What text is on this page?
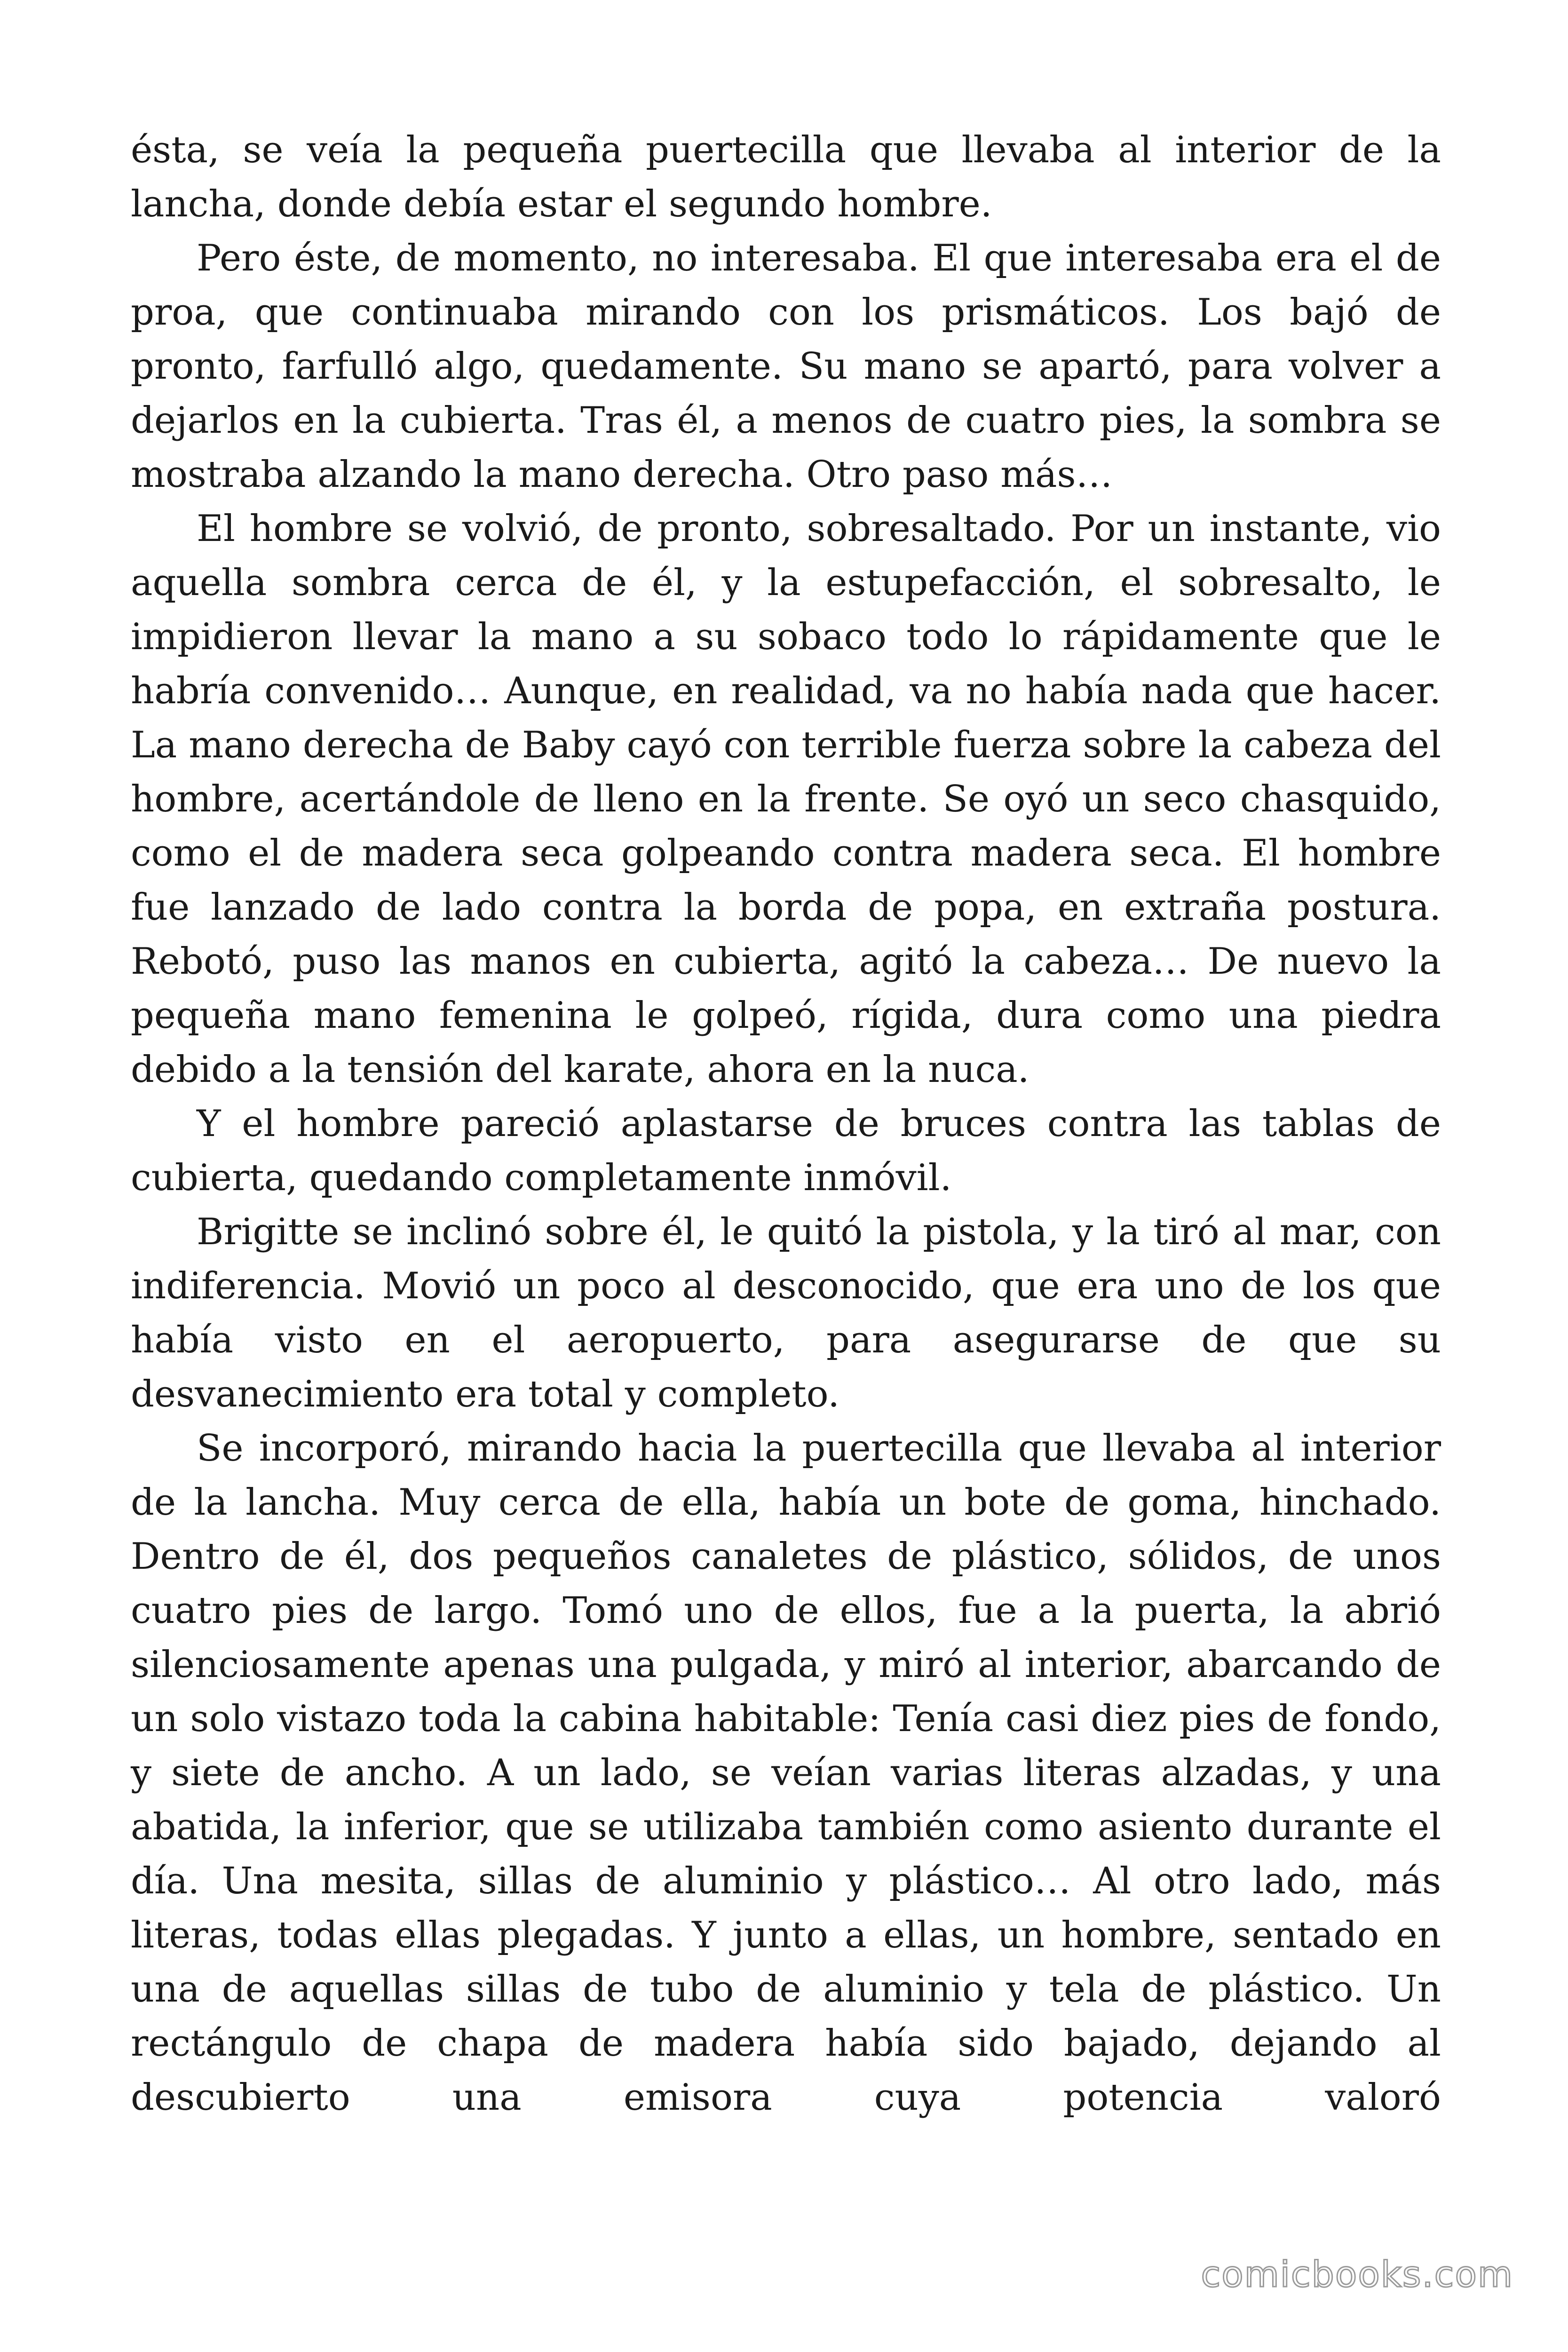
ésta, se veía la pequeña puertecilla que llevaba al interior de la lancha, donde debía estar el segundo hombre.

Pero éste, de momento, no interesaba. El que interesaba era el de proa, que continuaba mirando con los prismáticos. Los bajó de pronto, farfulló algo, quedamente. Su mano se apartó, para volver a dejarlos en la cubierta. Tras él, a menos de cuatro pies, la sombra se mostraba alzando la mano derecha. Otro paso más…

El hombre se volvió, de pronto, sobresaltado. Por un instante, vio aquella sombra cerca de él, y la estupefacción, el sobresalto, le impidieron llevar la mano a su sobaco todo lo rápidamente que le habría convenido… Aunque, en realidad, va no había nada que hacer. La mano derecha de Baby cayó con terrible fuerza sobre la cabeza del hombre, acertándole de lleno en la frente. Se oyó un seco chasquido, como el de madera seca golpeando contra madera seca. El hombre fue lanzado de lado contra la borda de popa, en extraña postura. Rebotó, puso las manos en cubierta, agitó la cabeza… De nuevo la pequeña mano femenina le golpeó, rígida, dura como una piedra debido a la tensión del karate, ahora en la nuca.

Y el hombre pareció aplastarse de bruces contra las tablas de cubierta, quedando completamente inmóvil.

Brigitte se inclinó sobre él, le quitó la pistola, y la tiró al mar, con indiferencia. Movió un poco al desconocido, que era uno de los que había visto en el aeropuerto, para asegurarse de que su desvanecimiento era total y completo.

Se incorporó, mirando hacia la puertecilla que llevaba al interior de la lancha. Muy cerca de ella, había un bote de goma, hinchado. Dentro de él, dos pequeños canaletes de plástico, sólidos, de unos cuatro pies de largo. Tomó uno de ellos, fue a la puerta, la abrió silenciosamente apenas una pulgada, y miró al interior, abarcando de un solo vistazo toda la cabina habitable: Tenía casi diez pies de fondo, y siete de ancho. A un lado, se veían varias literas alzadas, y una abatida, la inferior, que se utilizaba también como asiento durante el día. Una mesita, sillas de aluminio y plástico… Al otro lado, más literas, todas ellas plegadas. Y junto a ellas, un hombre, sentado en una de aquellas sillas de tubo de aluminio y tela de plástico. Un rectángulo de chapa de madera había sido bajado, dejando al descubierto una emisora cuya potencia valoró

comicbooks.com
